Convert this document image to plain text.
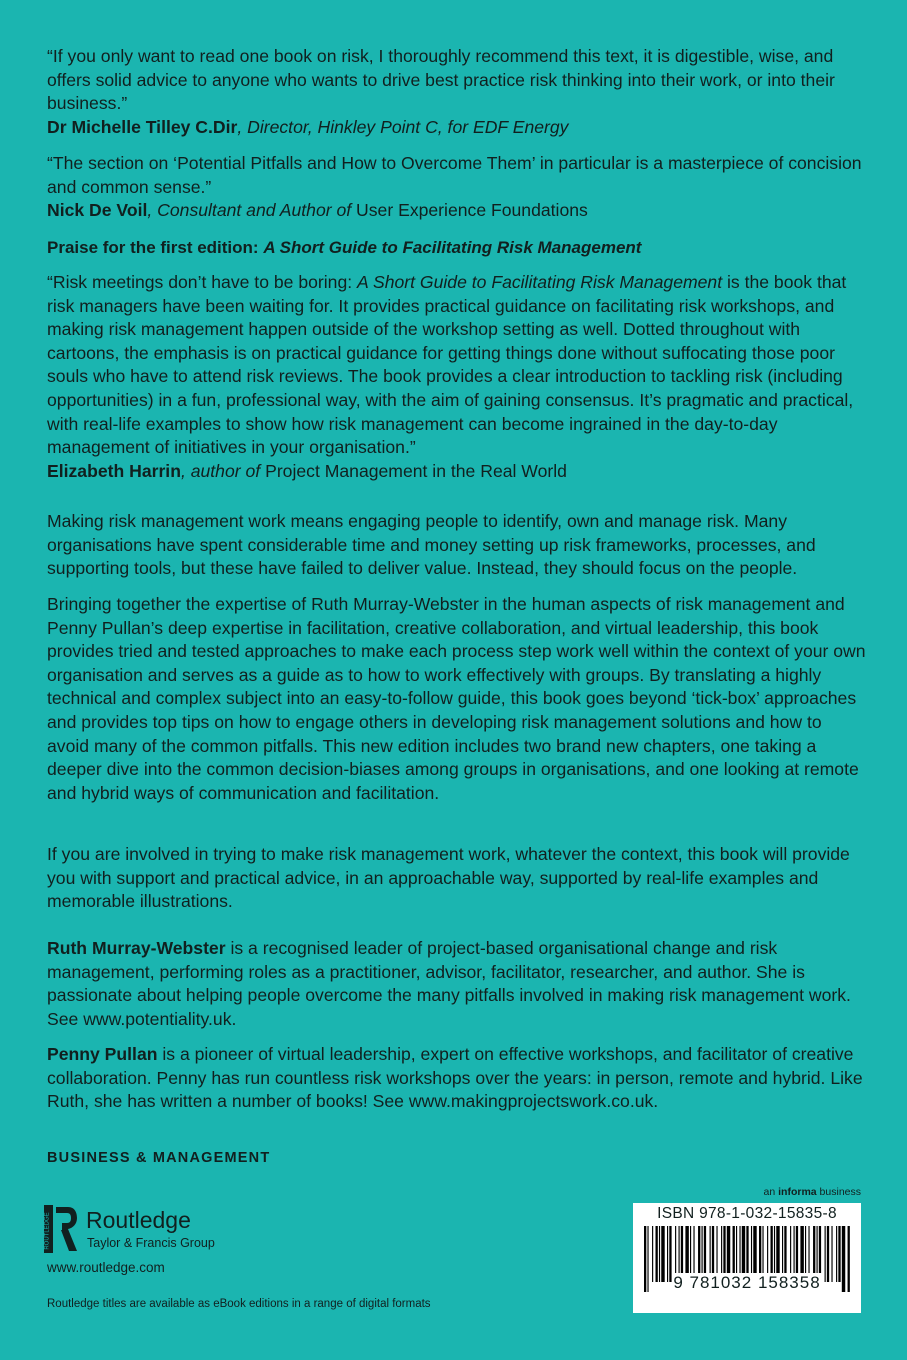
“If you only want to read one book on risk, I thoroughly recommend this text, it is digestible, wise, and offers solid advice to anyone who wants to drive best practice risk thinking into their work, or into their business.”
Dr Michelle Tilley C.Dir, Director, Hinkley Point C, for EDF Energy
“The section on ‘Potential Pitfalls and How to Overcome Them’ in particular is a masterpiece of concision and common sense.”
Nick De Voil, Consultant and Author of User Experience Foundations
Praise for the first edition: A Short Guide to Facilitating Risk Management
“Risk meetings don’t have to be boring: A Short Guide to Facilitating Risk Management is the book that risk managers have been waiting for. It provides practical guidance on facilitating risk workshops, and making risk management happen outside of the workshop setting as well. Dotted throughout with cartoons, the emphasis is on practical guidance for getting things done without suffocating those poor souls who have to attend risk reviews. The book provides a clear introduction to tackling risk (including opportunities) in a fun, professional way, with the aim of gaining consensus. It’s pragmatic and practical, with real-life examples to show how risk management can become ingrained in the day-to-day management of initiatives in your organisation.”
Elizabeth Harrin, author of Project Management in the Real World
Making risk management work means engaging people to identify, own and manage risk. Many organisations have spent considerable time and money setting up risk frameworks, processes, and supporting tools, but these have failed to deliver value. Instead, they should focus on the people.
Bringing together the expertise of Ruth Murray-Webster in the human aspects of risk management and Penny Pullan’s deep expertise in facilitation, creative collaboration, and virtual leadership, this book provides tried and tested approaches to make each process step work well within the context of your own organisation and serves as a guide as to how to work effectively with groups. By translating a highly technical and complex subject into an easy-to-follow guide, this book goes beyond ‘tick-box’ approaches and provides top tips on how to engage others in developing risk management solutions and how to avoid many of the common pitfalls. This new edition includes two brand new chapters, one taking a deeper dive into the common decision-biases among groups in organisations, and one looking at remote and hybrid ways of communication and facilitation.
If you are involved in trying to make risk management work, whatever the context, this book will provide you with support and practical advice, in an approachable way, supported by real-life examples and memorable illustrations.
Ruth Murray-Webster is a recognised leader of project-based organisational change and risk management, performing roles as a practitioner, advisor, facilitator, researcher, and author. She is passionate about helping people overcome the many pitfalls involved in making risk management work. See www.potentiality.uk.
Penny Pullan is a pioneer of virtual leadership, expert on effective workshops, and facilitator of creative collaboration. Penny has run countless risk workshops over the years: in person, remote and hybrid. Like Ruth, she has written a number of books! See www.makingprojectswork.co.uk.
BUSINESS & MANAGEMENT
ROUTLEDGE Routledge
Taylor & Francis Group
www.routledge.com
Routledge titles are available as eBook editions in a range of digital formats
an informa business
ISBN 978-1-032-15835-8
9 781032 158358
